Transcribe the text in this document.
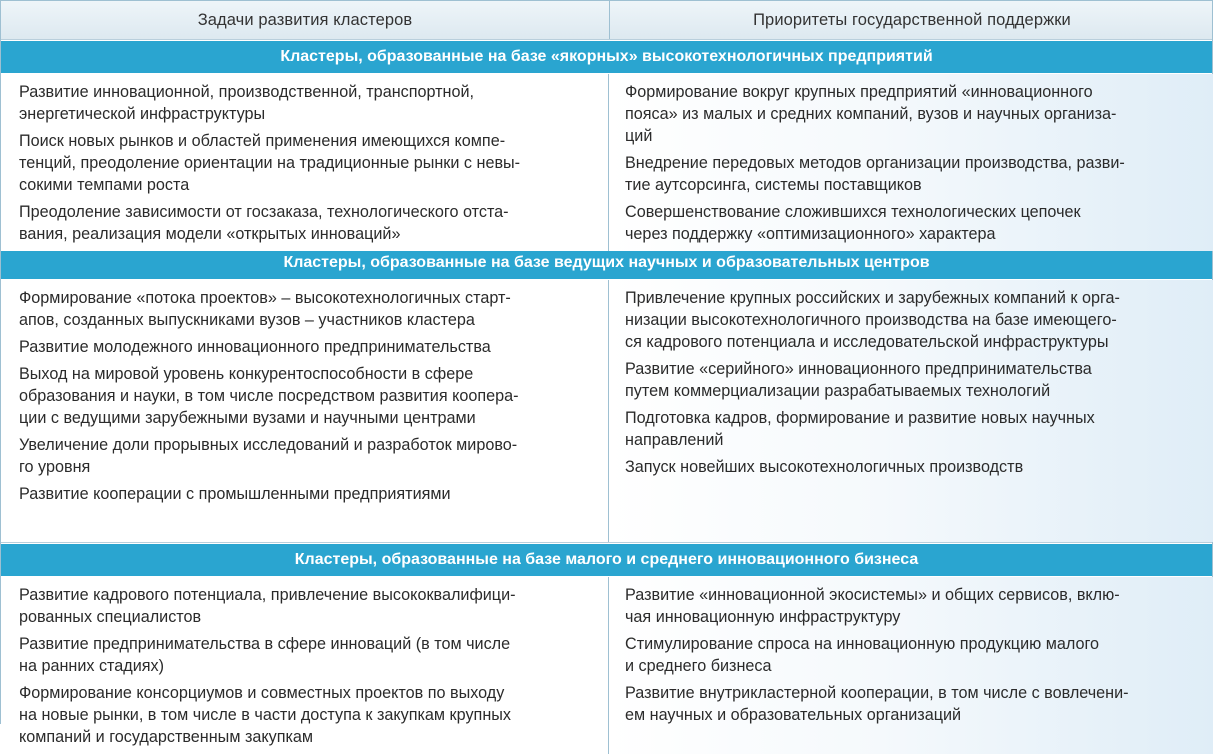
Задачи развития кластеров	Приоритеты государственной поддержки
Кластеры, образованные на базе «якорных» высокотехнологичных предприятий
Развитие инновационной, производственной, транспортной,
энергетической инфраструктуры
Поиск новых рынков и областей применения имеющихся компе-
тенций, преодоление ориентации на традиционные рынки с невы-
сокими темпами роста
Преодоление зависимости от госзаказа, технологического отста-
вания, реализация модели «открытых инноваций»
Формирование вокруг крупных предприятий «инновационного
пояса» из малых и средних компаний, вузов и научных организа-
ций
Внедрение передовых методов организации производства, разви-
тие аутсорсинга, системы поставщиков
Совершенствование сложившихся технологических цепочек
через поддержку «оптимизационного» характера
Кластеры, образованные на базе ведущих научных и образовательных центров
Формирование «потока проектов» – высокотехнологичных старт-
апов, созданных выпускниками вузов – участников кластера
Развитие молодежного инновационного предпринимательства
Выход на мировой уровень конкурентоспособности в сфере
образования и науки, в том числе посредством развития коопера-
ции с ведущими зарубежными вузами и научными центрами
Увеличение доли прорывных исследований и разработок мирово-
го уровня
Развитие кооперации с промышленными предприятиями
Привлечение крупных российских и зарубежных компаний к орга-
низации высокотехнологичного производства на базе имеющего-
ся кадрового потенциала и исследовательской инфраструктуры
Развитие «серийного» инновационного предпринимательства
путем коммерциализации разрабатываемых технологий
Подготовка кадров, формирование и развитие новых научных
направлений
Запуск новейших высокотехнологичных производств
Кластеры, образованные на базе малого и среднего инновационного бизнеса
Развитие кадрового потенциала, привлечение высококвалифици-
рованных специалистов
Развитие предпринимательства в сфере инноваций (в том числе
на ранних стадиях)
Формирование консорциумов и совместных проектов по выходу
на новые рынки, в том числе в части доступа к закупкам крупных
компаний и государственным закупкам
Развитие «инновационной экосистемы» и общих сервисов, вклю-
чая инновационную инфраструктуру
Стимулирование спроса на инновационную продукцию малого
и среднего бизнеса
Развитие внутрикластерной кооперации, в том числе с вовлечени-
ем научных и образовательных организаций
